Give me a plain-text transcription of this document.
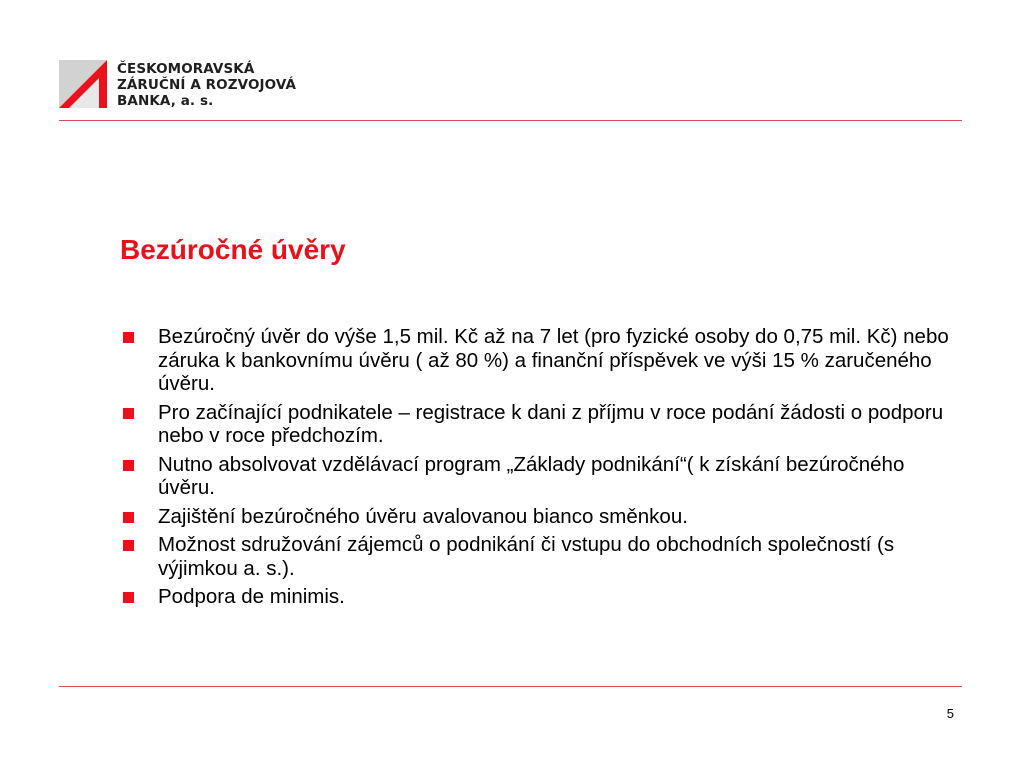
ČESKOMORAVSKÁ
ZÁRUČNÍ A ROZVOJOVÁ
BANKA, a. s.
Bezúročné úvěry
Bezúročný úvěr do výše 1,5 mil. Kč až na 7 let (pro fyzické osoby do 0,75 mil. Kč) nebo záruka k bankovnímu úvěru ( až 80 %) a finanční příspěvek ve výši 15 % zaručeného úvěru.
Pro začínající podnikatele – registrace k dani z příjmu v roce podání žádosti o podporu nebo v roce předchozím.
Nutno absolvovat vzdělávací program „Základy podnikání“( k získání bezúročného úvěru.
Zajištění bezúročného úvěru avalovanou bianco směnkou.
Možnost sdružování zájemců o podnikání či vstupu do obchodních společností (s výjimkou a. s.).
Podpora de minimis.
5
